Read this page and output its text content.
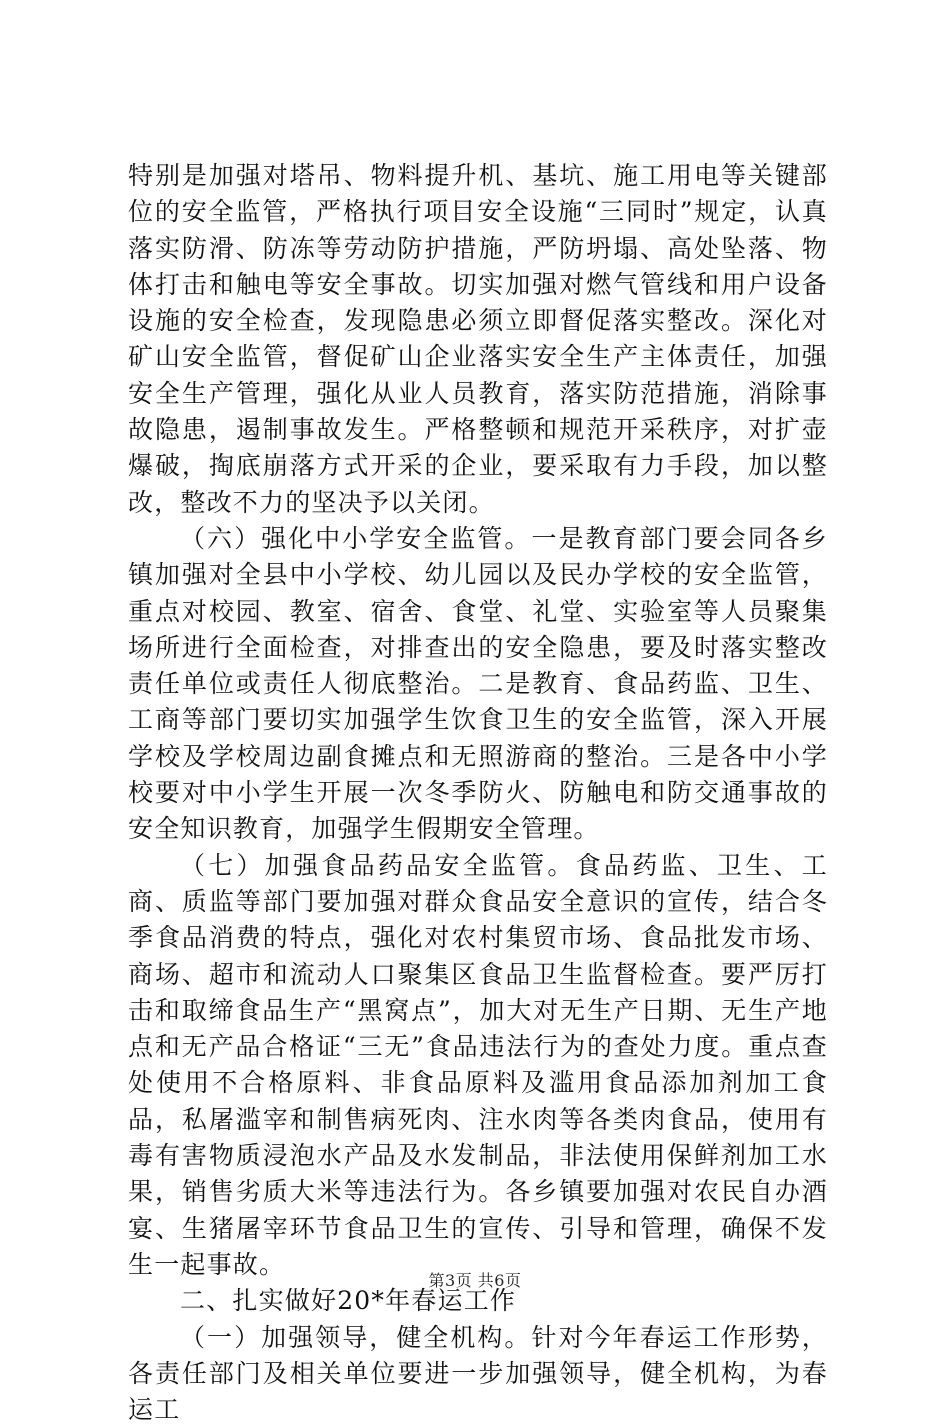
特别是加强对塔吊、物料提升机、基坑、施工用电等关键部位的安全监管，严格执行项目安全设施“三同时”规定，认真落实防滑、防冻等劳动防护措施，严防坍塌、高处坠落、物体打击和触电等安全事故。切实加强对燃气管线和用户设备设施的安全检查，发现隐患必须立即督促落实整改。深化对矿山安全监管，督促矿山企业落实安全生产主体责任，加强安全生产管理，强化从业人员教育，落实防范措施，消除事故隐患，遏制事故发生。严格整顿和规范开采秩序，对扩壶爆破，掏底崩落方式开采的企业，要采取有力手段，加以整改，整改不力的坚决予以关闭。

（六）强化中小学安全监管。一是教育部门要会同各乡镇加强对全县中小学校、幼儿园以及民办学校的安全监管，重点对校园、教室、宿舍、食堂、礼堂、实验室等人员聚集场所进行全面检查，对排查出的安全隐患，要及时落实整改责任单位或责任人彻底整治。二是教育、食品药监、卫生、工商等部门要切实加强学生饮食卫生的安全监管，深入开展学校及学校周边副食摊点和无照游商的整治。三是各中小学校要对中小学生开展一次冬季防火、防触电和防交通事故的安全知识教育，加强学生假期安全管理。

（七）加强食品药品安全监管。食品药监、卫生、工商、质监等部门要加强对群众食品安全意识的宣传，结合冬季食品消费的特点，强化对农村集贸市场、食品批发市场、商场、超市和流动人口聚集区食品卫生监督检查。要严厉打击和取缔食品生产“黑窝点”，加大对无生产日期、无生产地点和无产品合格证“三无”食品违法行为的查处力度。重点查处使用不合格原料、非食品原料及滥用食品添加剂加工食品，私屠滥宰和制售病死肉、注水肉等各类肉食品，使用有毒有害物质浸泡水产品及水发制品，非法使用保鲜剂加工水果，销售劣质大米等违法行为。各乡镇要加强对农民自办酒宴、生猪屠宰环节食品卫生的宣传、引导和管理，确保不发生一起事故。

二、扎实做好20*年春运工作

（一）加强领导，健全机构。针对今年春运工作形势，各责任部门及相关单位要进一步加强领导，健全机构，为春运工

第3页 共6页
